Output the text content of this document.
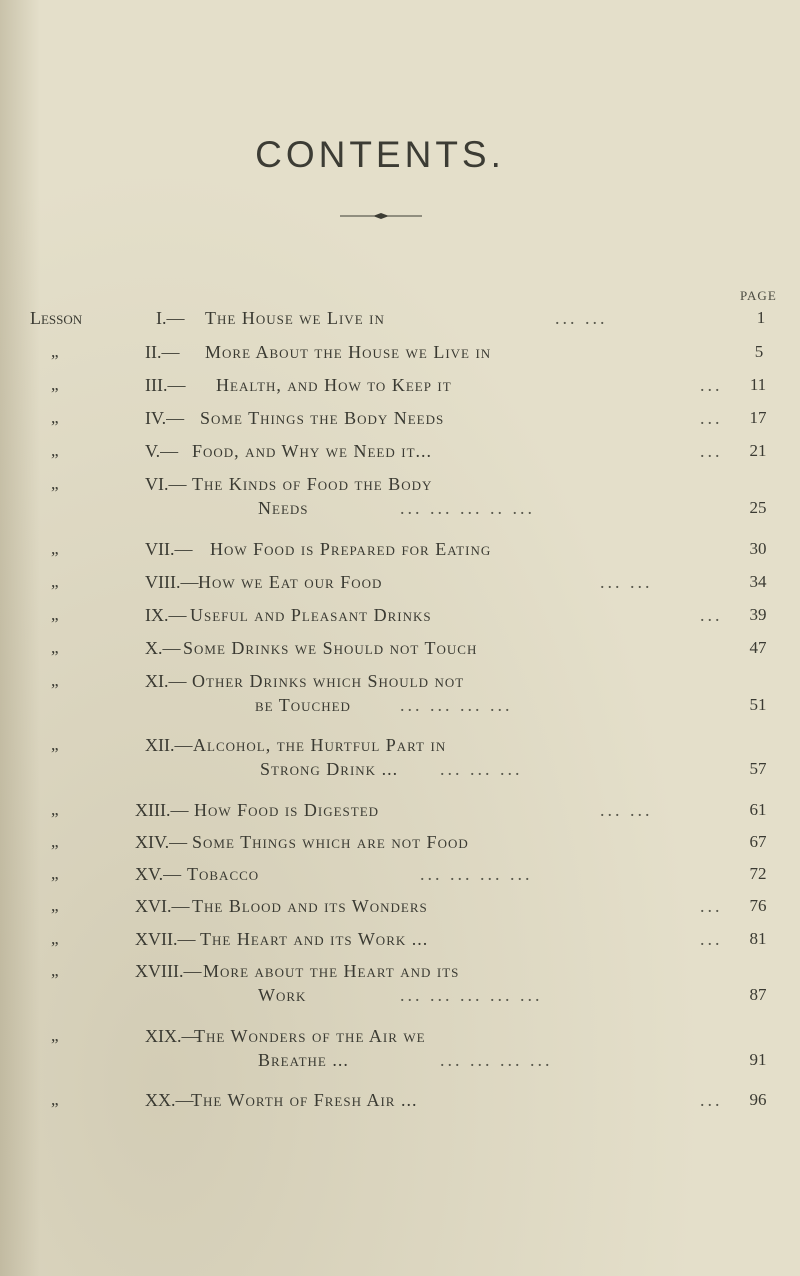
CONTENTS.
PAGE
Lesson	I.— The House we Live in	... ...	1
„	II.— More About the House we Live in	5
„	III.— Health, and How to Keep it	...	11
„	IV.— Some Things the Body Needs	...	17
„	V.— Food, and Why we Need it...	...	21
„	VI.— The Kinds of Food the Body
Needs	... ... ... .. ...	25
„	VII.— How Food is Prepared for Eating	30
„	VIII.— How we Eat our Food	... ...	34
„	IX.— Useful and Pleasant Drinks	...	39
„	X.— Some Drinks we Should not Touch	47
„	XI.— Other Drinks which Should not
be Touched	... ... ... ...	51
„	XII.— Alcohol, the Hurtful Part in
Strong Drink ... ... ... ...	57
„	XIII.— How Food is Digested	... ...	61
„	XIV.— Some Things which are not Food	67
„	XV.— Tobacco	... ... ... ...	72
„	XVI.— The Blood and its Wonders	...	76
„	XVII.— The Heart and its Work ...	...	81
„	XVIII.— More about the Heart and its
Work	... ... ... ... ...	87
„	XIX.—
The Wonders of the Air we
Breathe ...	... ... ... ...	91
„	XX.—
The Worth of Fresh Air ...	...	96
